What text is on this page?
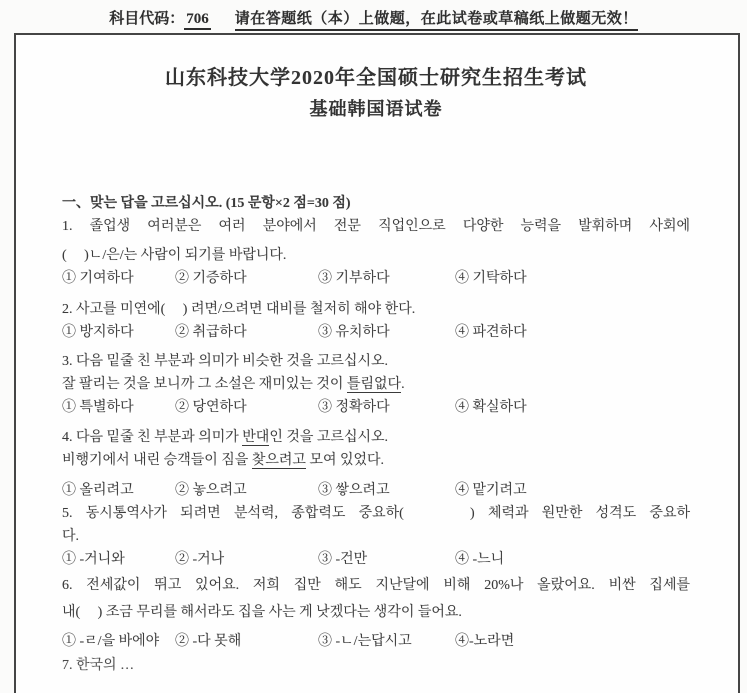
科目代码： 706 请在答题纸（本）上做题，在此试卷或草稿纸上做题无效！
山东科技大学2020年全国硕士研究生招生考试
基础韩国语试卷
一、맞는 답을 고르십시오. (15 문항×2 점=30 점)
1. 졸업생 여러분은 여러 분야에서 전문 직업인으로 다양한 능력을 발휘하며 사회에
(     )ㄴ/은/는 사람이 되기를 바랍니다.
① 기여하다	② 기증하다	③ 기부하다	④ 기탁하다
2. 사고를 미연에(     ) 려면/으려면 대비를 철저히 해야 한다.
① 방지하다	② 취급하다	③ 유치하다	④ 파견하다
3. 다음 밑줄 친 부분과 의미가 비슷한 것을 고르십시오.
잘 팔리는 것을 보니까 그 소설은 재미있는 것이 틀림없다.
① 특별하다	② 당연하다	③ 정확하다	④ 확실하다
4. 다음 밑줄 친 부분과 의미가 반대인 것을 고르십시오.
비행기에서 내린 승객들이 짐을 찾으려고 모여 있었다.
① 올리려고	② 놓으려고	③ 쌓으려고	④ 맡기려고
5. 동시통역사가 되려면 분석력, 종합력도 중요하(     ) 체력과 원만한 성격도 중요하
다.
① -거니와	② -거나	③ -건만	④ -느니
6. 전세값이 뛰고 있어요. 저희 집만 해도 지난달에 비해 20%나 올랐어요. 비싼 집세를
내(     ) 조금 무리를 해서라도 집을 사는 게 낫겠다는 생각이 들어요.
① -ㄹ/을 바에야	② -다 못해	③ -ㄴ/는답시고	④-노라면
7. 한국의 …
